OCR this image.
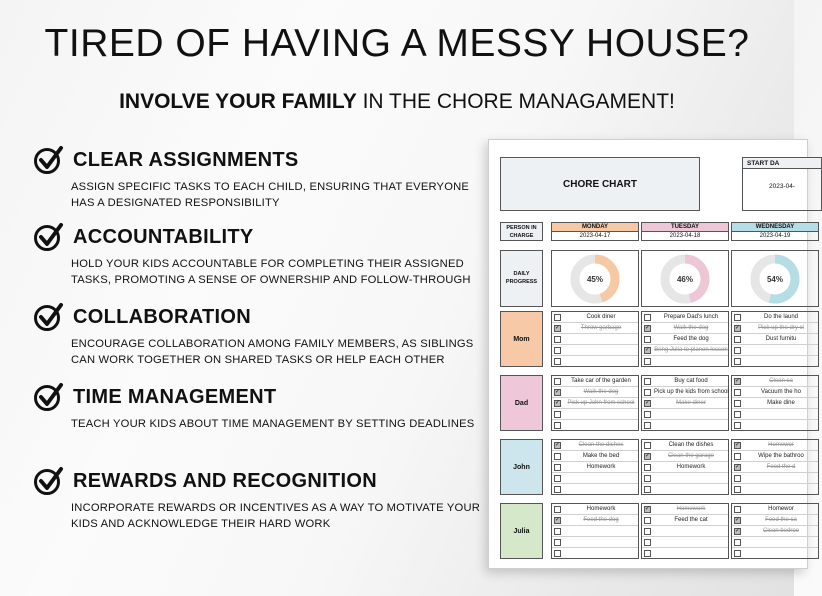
TIRED OF HAVING A MESSY HOUSE?
INVOLVE YOUR FAMILY IN THE CHORE MANAGAMENT!
CLEAR ASSIGNMENTS
ASSIGN SPECIFIC TASKS TO EACH CHILD, ENSURING THAT EVERYONE HAS A DESIGNATED RESPONSIBILITY
ACCOUNTABILITY
HOLD YOUR KIDS ACCOUNTABLE FOR COMPLETING THEIR ASSIGNED TASKS, PROMOTING A SENSE OF OWNERSHIP AND FOLLOW-THROUGH
COLLABORATION
ENCOURAGE COLLABORATION AMONG FAMILY MEMBERS, AS SIBLINGS CAN WORK TOGETHER ON SHARED TASKS OR HELP EACH OTHER
TIME MANAGEMENT
TEACH YOUR KIDS ABOUT TIME MANAGEMENT BY SETTING DEADLINES
REWARDS AND RECOGNITION
INCORPORATE REWARDS OR INCENTIVES AS A WAY TO MOTIVATE YOUR KIDS AND ACKNOWLEDGE THEIR HARD WORK
CHORE CHART
START DA
2023-04-
PERSON IN CHARGE
DAILY PROGRESS
MONDAY
2023-04-17
45%
TUESDAY
2023-04-18
46%
WEDNESDAY
2023-04-19
54%
Mom
Cook diner
✓
Throw garbage
Prepare Dad's lunch
✓
Walk the dog
Feed the dog
✓
Bring Julia to planon lesson
Do the laund
✓
Pick up the dry cl
Dust furnitu
Dad
Take car of the garden
✓
Walk the dog
✓
Pick up John from school
Buy cat food
Pick up the kids from school
✓
Make diner
✓
Clean ca
Vacuum the ho
Make dine
John
✓
Clean the dishes
Make the bed
Homework
Clean the dishes
✓
Clean the garage
Homework
✓
Homewor
Wipe the bathroo
✓
Feed the d
Julia
Homework
✓
Feed the dog
✓
Homework
Feed the cat
Homewor
✓
Feed the ca
✓
Clean bedroo
